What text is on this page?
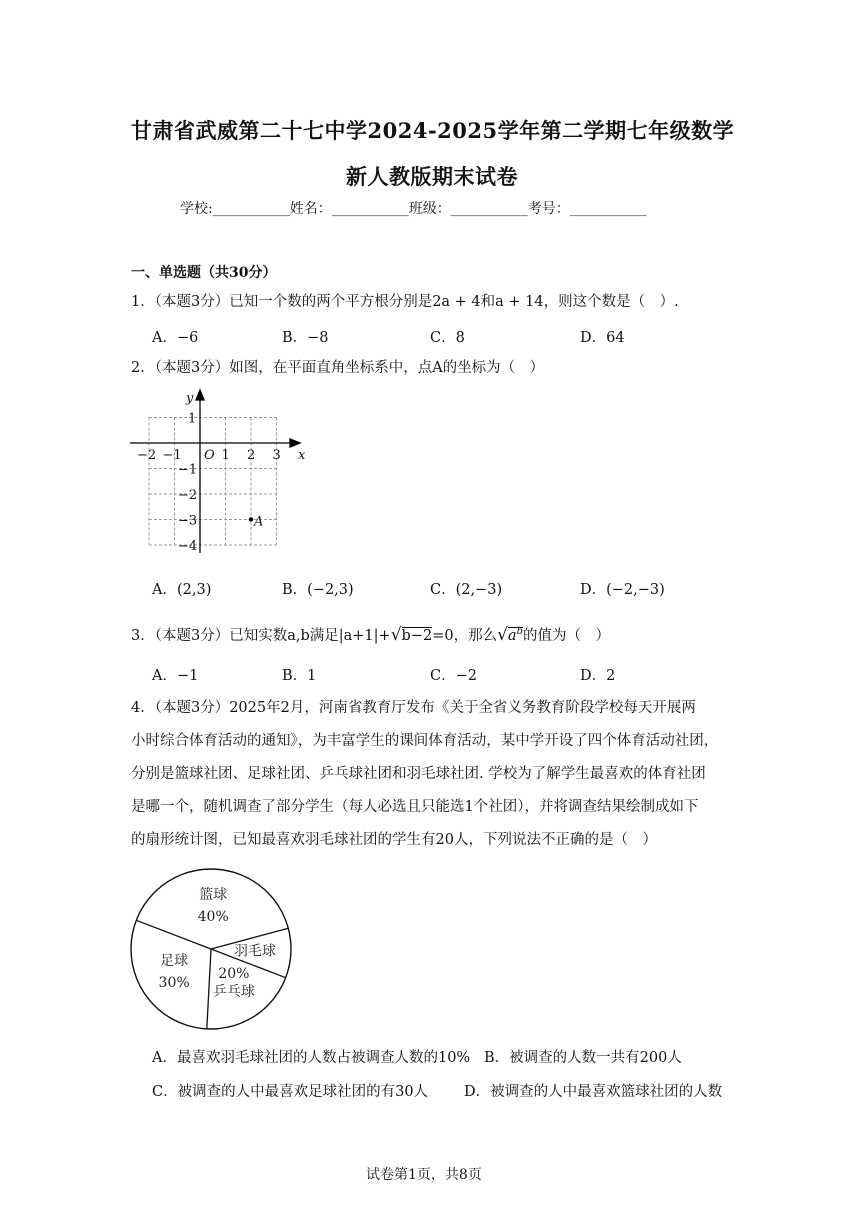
甘肃省武威第二十七中学2024-2025学年第二学期七年级数学
新人教版期末试卷
学校:___________姓名：___________班级：___________考号：___________
一、单选题（共30分）
1．（本题3分）已知一个数的两个平方根分别是2a + 4和a + 14，则这个数是（　）.
A．−6	B．−8	C．8	D．64
2．（本题3分）如图，在平面直角坐标系中，点A的坐标为（　）
−2 −1	1 2 3
1
−1
−2
−3
−4
O	x
y
A
A．(2,3)	B．(−2,3)	C．(2,−3)	D．(−2,−3)
3．（本题3分）已知实数a,b满足|a+1|+√b−2=0，那么$√a^b$的值为（　）
A．−1	B．1	C．−2	D．2
4．（本题3分）2025年2月，河南省教育厅发布《关于全省义务教育阶段学校每天开展两
小时综合体育活动的通知》，为丰富学生的课间体育活动，某中学开设了四个体育活动社团，
分别是篮球社团、足球社团、乒乓球社团和羽毛球社团. 学校为了解学生最喜欢的体育社团
是哪一个，随机调查了部分学生（每人必选且只能选1个社团），并将调查结果绘制成如下
的扇形统计图，已知最喜欢羽毛球社团的学生有20人，下列说法不正确的是（　）
篮球
40%
羽毛球
20%
乒乓球
足球
30%
A．最喜欢羽毛球社团的人数占被调查人数的10% B．被调查的人数一共有200人
C．被调查的人中最喜欢足球社团的有30人 D．被调查的人中最喜欢篮球社团的人数
试卷第1页，共8页
